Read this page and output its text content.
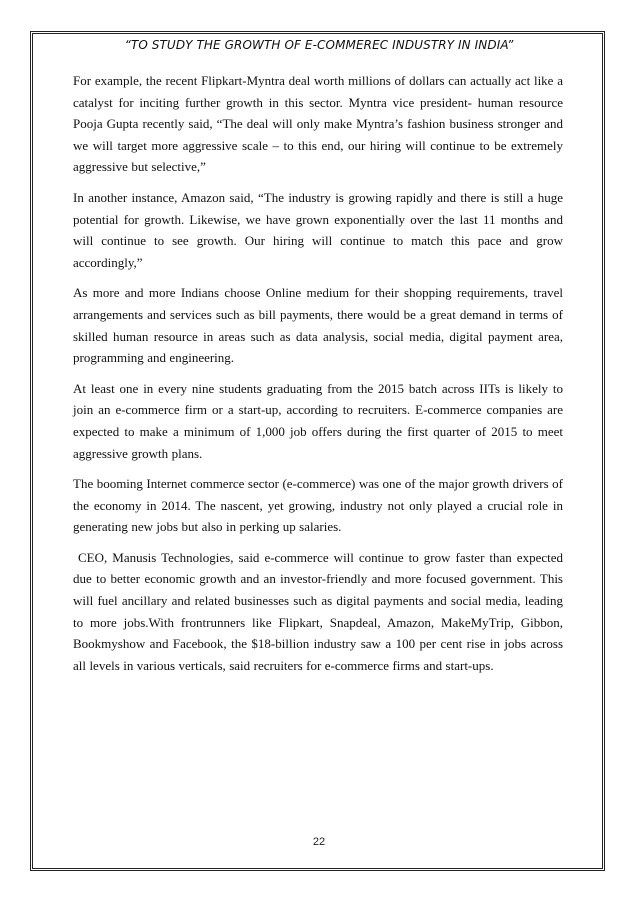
“TO STUDY THE GROWTH OF E-COMMEREC INDUSTRY IN INDIA”

For example, the recent Flipkart-Myntra deal worth millions of dollars can actually act like a catalyst for inciting further growth in this sector. Myntra vice president- human resource Pooja Gupta recently said, “The deal will only make Myntra’s fashion business stronger and we will target more aggressive scale – to this end, our hiring will continue to be extremely aggressive but selective,”

In another instance, Amazon said, “The industry is growing rapidly and there is still a huge potential for growth. Likewise, we have grown exponentially over the last 11 months and will continue to see growth. Our hiring will continue to match this pace and grow accordingly,”

As more and more Indians choose Online medium for their shopping requirements, travel arrangements and services such as bill payments, there would be a great demand in terms of skilled human resource in areas such as data analysis, social media, digital payment area, programming and engineering.

At least one in every nine students graduating from the 2015 batch across IITs is likely to join an e-commerce firm or a start-up, according to recruiters. E-commerce companies are expected to make a minimum of 1,000 job offers during the first quarter of 2015 to meet aggressive growth plans.

The booming Internet commerce sector (e-commerce) was one of the major growth drivers of the economy in 2014. The nascent, yet growing, industry not only played a crucial role in generating new jobs but also in perking up salaries.

CEO, Manusis Technologies, said e-commerce will continue to grow faster than expected due to better economic growth and an investor-friendly and more focused government. This will fuel ancillary and related businesses such as digital payments and social media, leading to more jobs.With frontrunners like Flipkart, Snapdeal, Amazon, MakeMyTrip, Gibbon, Bookmyshow and Facebook, the $18-billion industry saw a 100 per cent rise in jobs across all levels in various verticals, said recruiters for e-commerce firms and start-ups.

22
